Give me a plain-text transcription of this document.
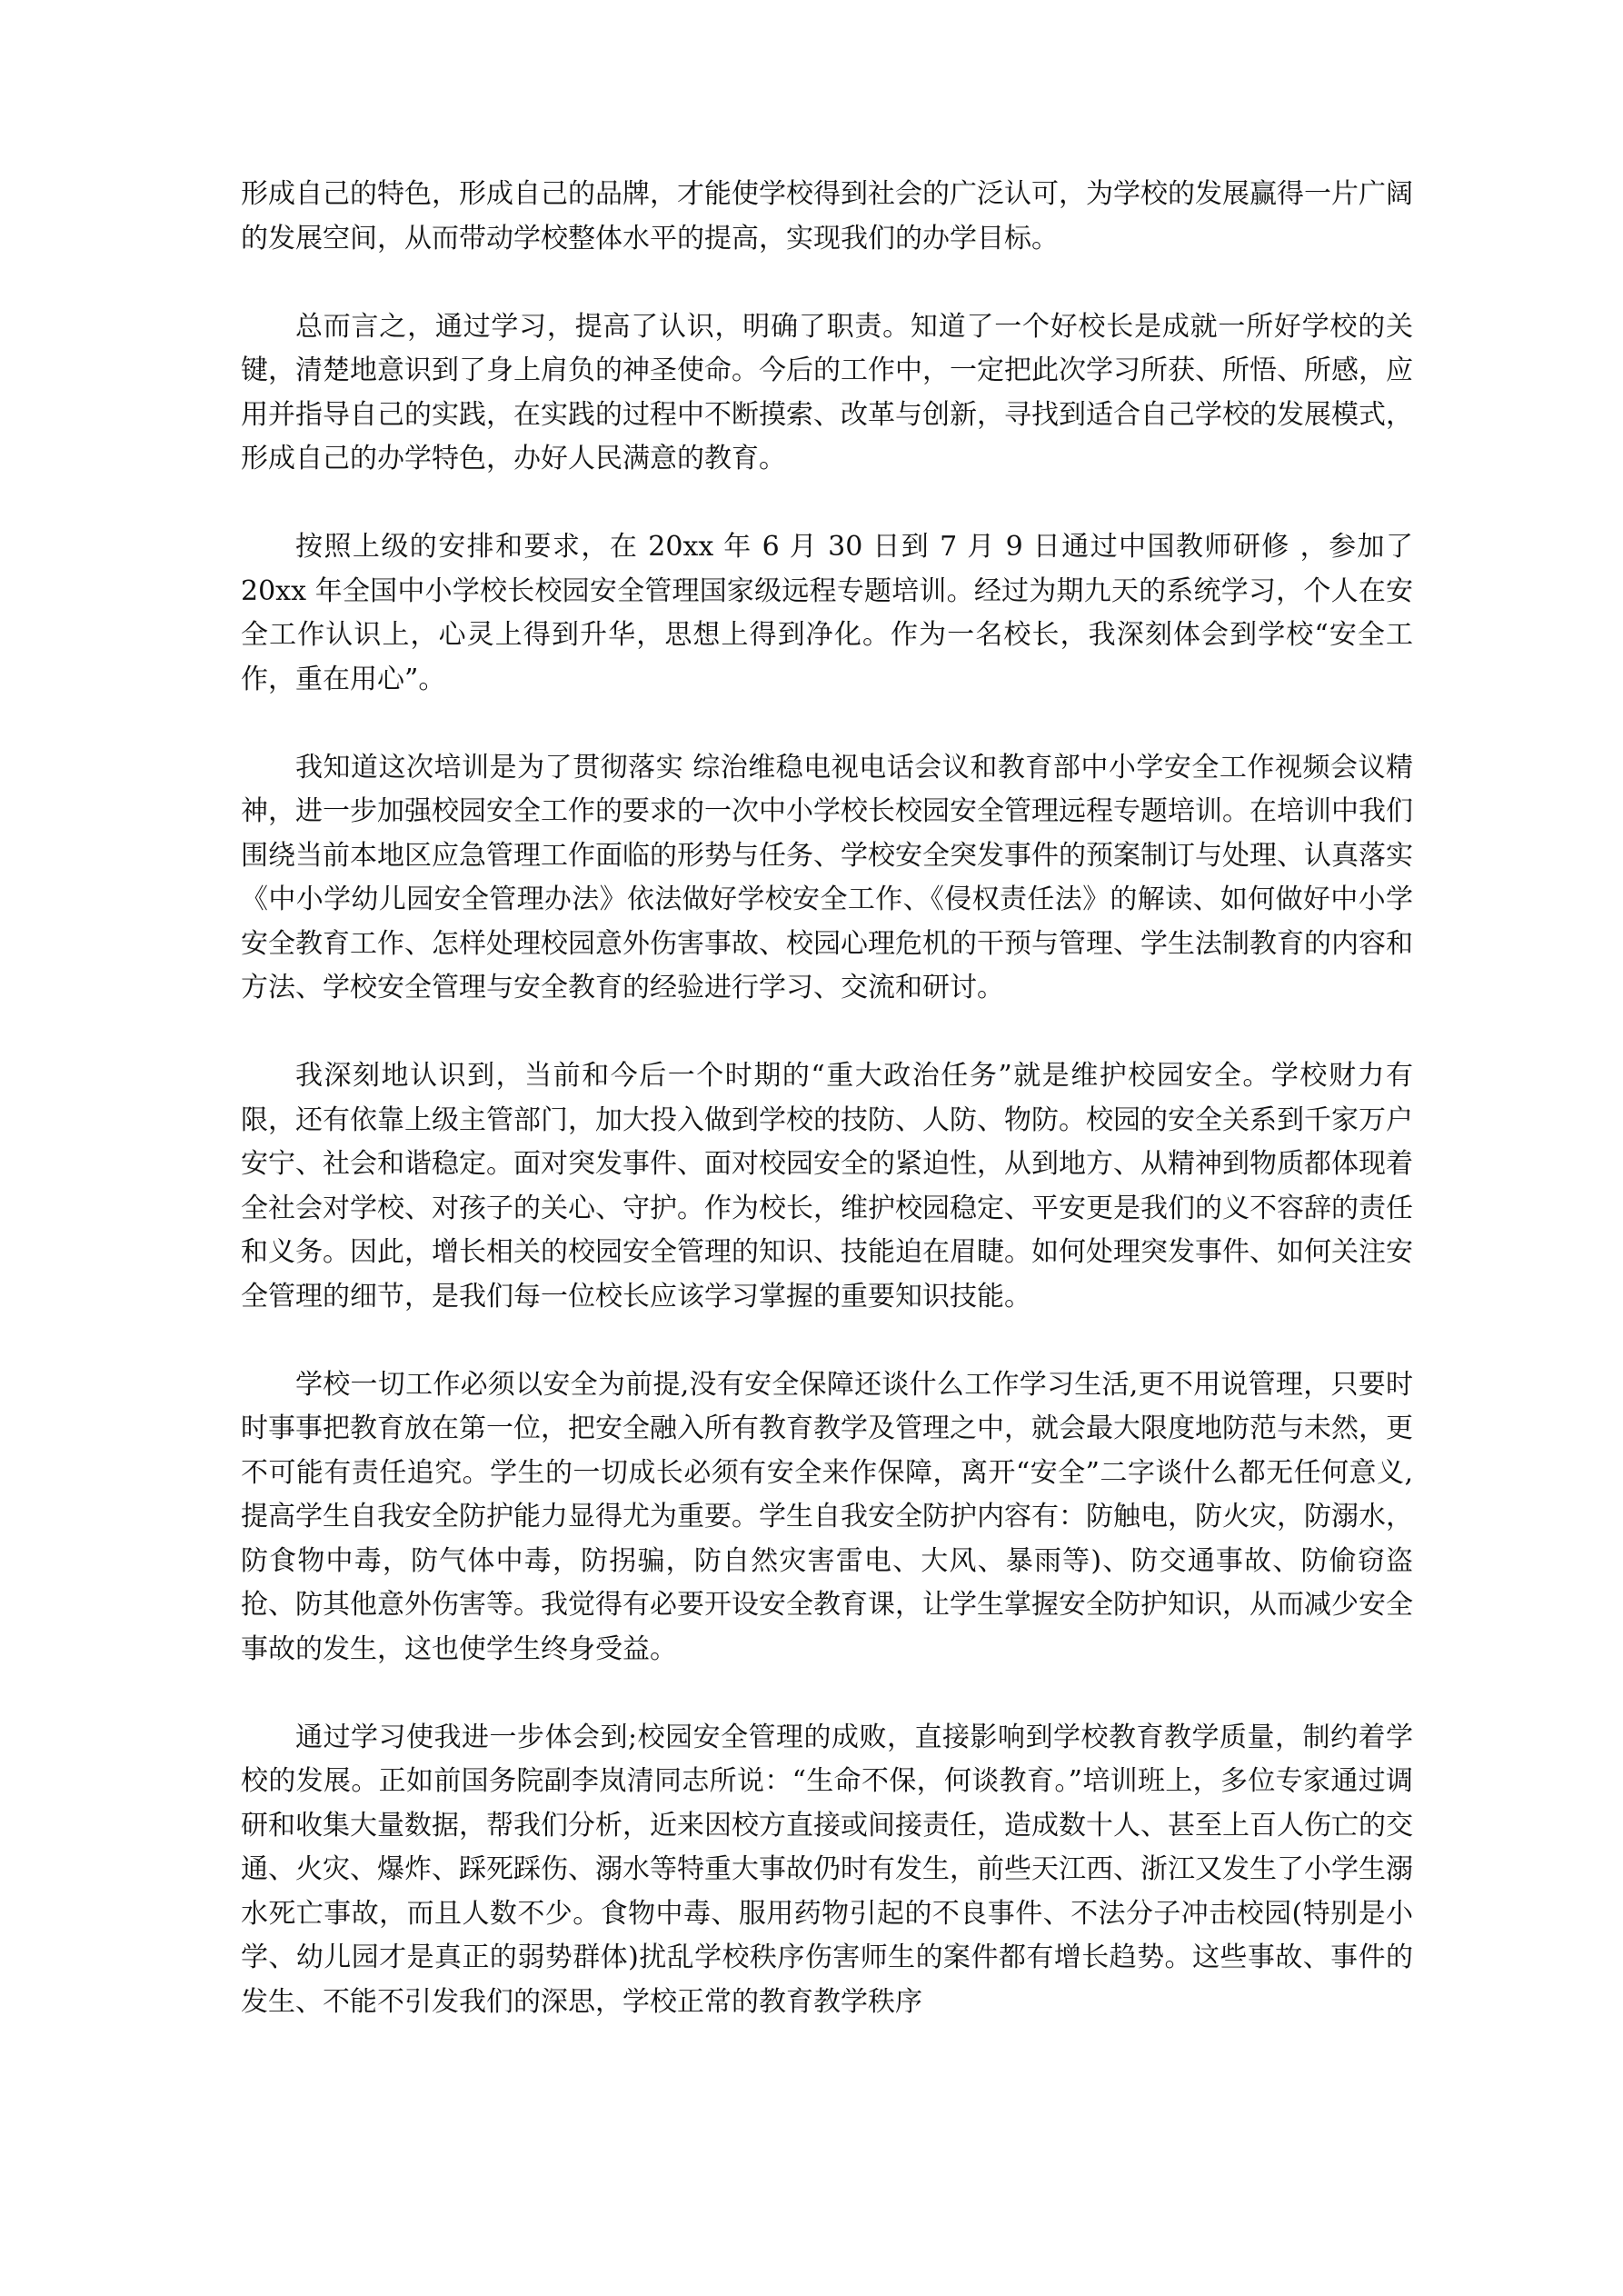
形成自己的特色，形成自己的品牌，才能使学校得到社会的广泛认可，为学校的发展赢得一片广阔的发展空间，从而带动学校整体水平的提高，实现我们的办学目标。

总而言之，通过学习，提高了认识，明确了职责。知道了一个好校长是成就一所好学校的关键，清楚地意识到了身上肩负的神圣使命。今后的工作中，一定把此次学习所获、所悟、所感，应用并指导自己的实践，在实践的过程中不断摸索、改革与创新，寻找到适合自己学校的发展模式，形成自己的办学特色，办好人民满意的教育。

按照上级的安排和要求，在 20xx 年 6 月 30 日到 7 月 9 日通过中国教师研修 ，参加了 20xx 年全国中小学校长校园安全管理国家级远程专题培训。经过为期九天的系统学习，个人在安全工作认识上，心灵上得到升华，思想上得到净化。作为一名校长，我深刻体会到学校“安全工作，重在用心”。

我知道这次培训是为了贯彻落实 综治维稳电视电话会议和教育部中小学安全工作视频会议精神，进一步加强校园安全工作的要求的一次中小学校长校园安全管理远程专题培训。在培训中我们围绕当前本地区应急管理工作面临的形势与任务、学校安全突发事件的预案制订与处理、认真落实《中小学幼儿园安全管理办法》依法做好学校安全工作、《侵权责任法》的解读、如何做好中小学安全教育工作、怎样处理校园意外伤害事故、校园心理危机的干预与管理、学生法制教育的内容和方法、学校安全管理与安全教育的经验进行学习、交流和研讨。

我深刻地认识到，当前和今后一个时期的“重大政治任务”就是维护校园安全。学校财力有限，还有依靠上级主管部门，加大投入做到学校的技防、人防、物防。校园的安全关系到千家万户安宁、社会和谐稳定。面对突发事件、面对校园安全的紧迫性，从到地方、从精神到物质都体现着全社会对学校、对孩子的关心、守护。作为校长，维护校园稳定、平安更是我们的义不容辞的责任和义务。因此，增长相关的校园安全管理的知识、技能迫在眉睫。如何处理突发事件、如何关注安全管理的细节，是我们每一位校长应该学习掌握的重要知识技能。

学校一切工作必须以安全为前提,没有安全保障还谈什么工作学习生活,更不用说管理，只要时时事事把教育放在第一位，把安全融入所有教育教学及管理之中，就会最大限度地防范与未然，更不可能有责任追究。学生的一切成长必须有安全来作保障，离开“安全”二字谈什么都无任何意义,提高学生自我安全防护能力显得尤为重要。学生自我安全防护内容有：防触电，防火灾，防溺水，防食物中毒，防气体中毒，防拐骗，防自然灾害雷电、大风、暴雨等)、防交通事故、防偷窃盗抢、防其他意外伤害等。我觉得有必要开设安全教育课，让学生掌握安全防护知识，从而减少安全事故的发生，这也使学生终身受益。

通过学习使我进一步体会到;校园安全管理的成败，直接影响到学校教育教学质量，制约着学校的发展。正如前国务院副李岚清同志所说：“生命不保，何谈教育。”培训班上，多位专家通过调研和收集大量数据，帮我们分析，近来因校方直接或间接责任，造成数十人、甚至上百人伤亡的交通、火灾、爆炸、踩死踩伤、溺水等特重大事故仍时有发生，前些天江西、浙江又发生了小学生溺水死亡事故，而且人数不少。食物中毒、服用药物引起的不良事件、不法分子冲击校园(特别是小学、幼儿园才是真正的弱势群体)扰乱学校秩序伤害师生的案件都有增长趋势。这些事故、事件的发生、不能不引发我们的深思，学校正常的教育教学秩序
